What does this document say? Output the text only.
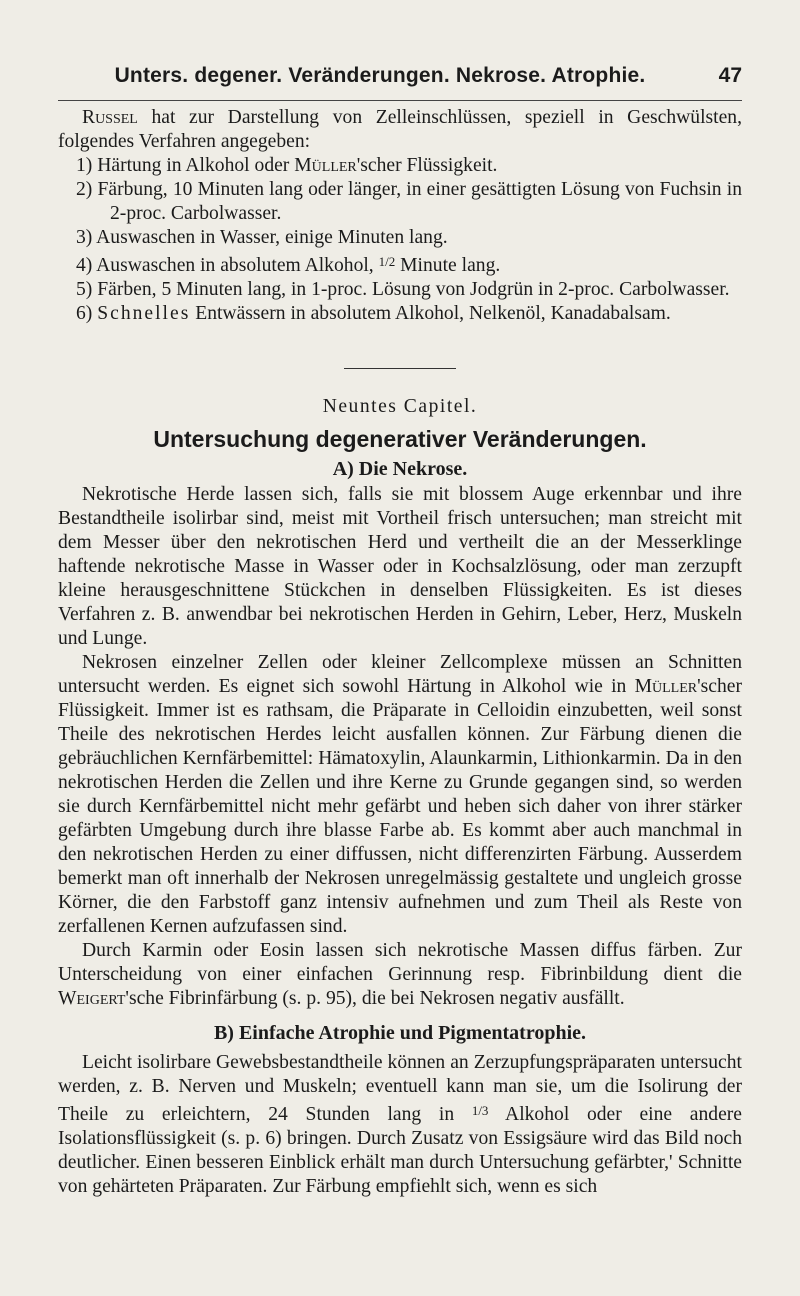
Unters. degener. Veränderungen. Nekrose. Atrophie.	47

Russel hat zur Darstellung von Zelleinschlüssen, speziell in Geschwülsten, folgendes Verfahren angegeben:

1) Härtung in Alkohol oder Müller'scher Flüssigkeit.
2) Färbung, 10 Minuten lang oder länger, in einer gesättigten Lösung von Fuchsin in 2-proc. Carbolwasser.
3) Auswaschen in Wasser, einige Minuten lang.
4) Auswaschen in absolutem Alkohol, $^{1/2}$ Minute lang.
5) Färben, 5 Minuten lang, in 1-proc. Lösung von Jodgrün in 2-proc. Carbolwasser.
6) Schnelles Entwässern in absolutem Alkohol, Nelkenöl, Kanadabalsam.
Neuntes Capitel.
Untersuchung degenerativer Veränderungen.
A) Die Nekrose.

Nekrotische Herde lassen sich, falls sie mit blossem Auge erkennbar und ihre Bestandtheile isolirbar sind, meist mit Vortheil frisch untersuchen; man streicht mit dem Messer über den nekrotischen Herd und vertheilt die an der Messerklinge haftende nekrotische Masse in Wasser oder in Kochsalzlösung, oder man zerzupft kleine herausgeschnittene Stückchen in denselben Flüssigkeiten. Es ist dieses Verfahren z. B. anwendbar bei nekrotischen Herden in Gehirn, Leber, Herz, Muskeln und Lunge.

Nekrosen einzelner Zellen oder kleiner Zellcomplexe müssen an Schnitten untersucht werden. Es eignet sich sowohl Härtung in Alkohol wie in Müller'scher Flüssigkeit. Immer ist es rathsam, die Präparate in Celloidin einzubetten, weil sonst Theile des nekrotischen Herdes leicht ausfallen können. Zur Färbung dienen die gebräuchlichen Kernfärbemittel: Hämatoxylin, Alaunkarmin, Lithionkarmin. Da in den nekrotischen Herden die Zellen und ihre Kerne zu Grunde gegangen sind, so werden sie durch Kernfärbemittel nicht mehr gefärbt und heben sich daher von ihrer stärker gefärbten Umgebung durch ihre blasse Farbe ab. Es kommt aber auch manchmal in den nekrotischen Herden zu einer diffussen, nicht differenzirten Färbung. Ausserdem bemerkt man oft innerhalb der Nekrosen unregelmässig gestaltete und ungleich grosse Körner, die den Farbstoff ganz intensiv aufnehmen und zum Theil als Reste von zerfallenen Kernen aufzufassen sind.

Durch Karmin oder Eosin lassen sich nekrotische Massen diffus färben. Zur Unterscheidung von einer einfachen Gerinnung resp. Fibrinbildung dient die Weigert'sche Fibrinfärbung (s. p. 95), die bei Nekrosen negativ ausfällt.

B) Einfache Atrophie und Pigmentatrophie.

Leicht isolirbare Gewebsbestandtheile können an Zerzupfungspräparaten untersucht werden, z. B. Nerven und Muskeln; eventuell kann man sie, um die Isolirung der Theile zu erleichtern, 24 Stunden lang in $^{1/3}$ Alkohol oder eine andere Isolationsflüssigkeit (s. p. 6) bringen. Durch Zusatz von Essigsäure wird das Bild noch deutlicher. Einen besseren Einblick erhält man durch Untersuchung gefärbter,' Schnitte von gehärteten Präparaten. Zur Färbung empfiehlt sich, wenn es sich
